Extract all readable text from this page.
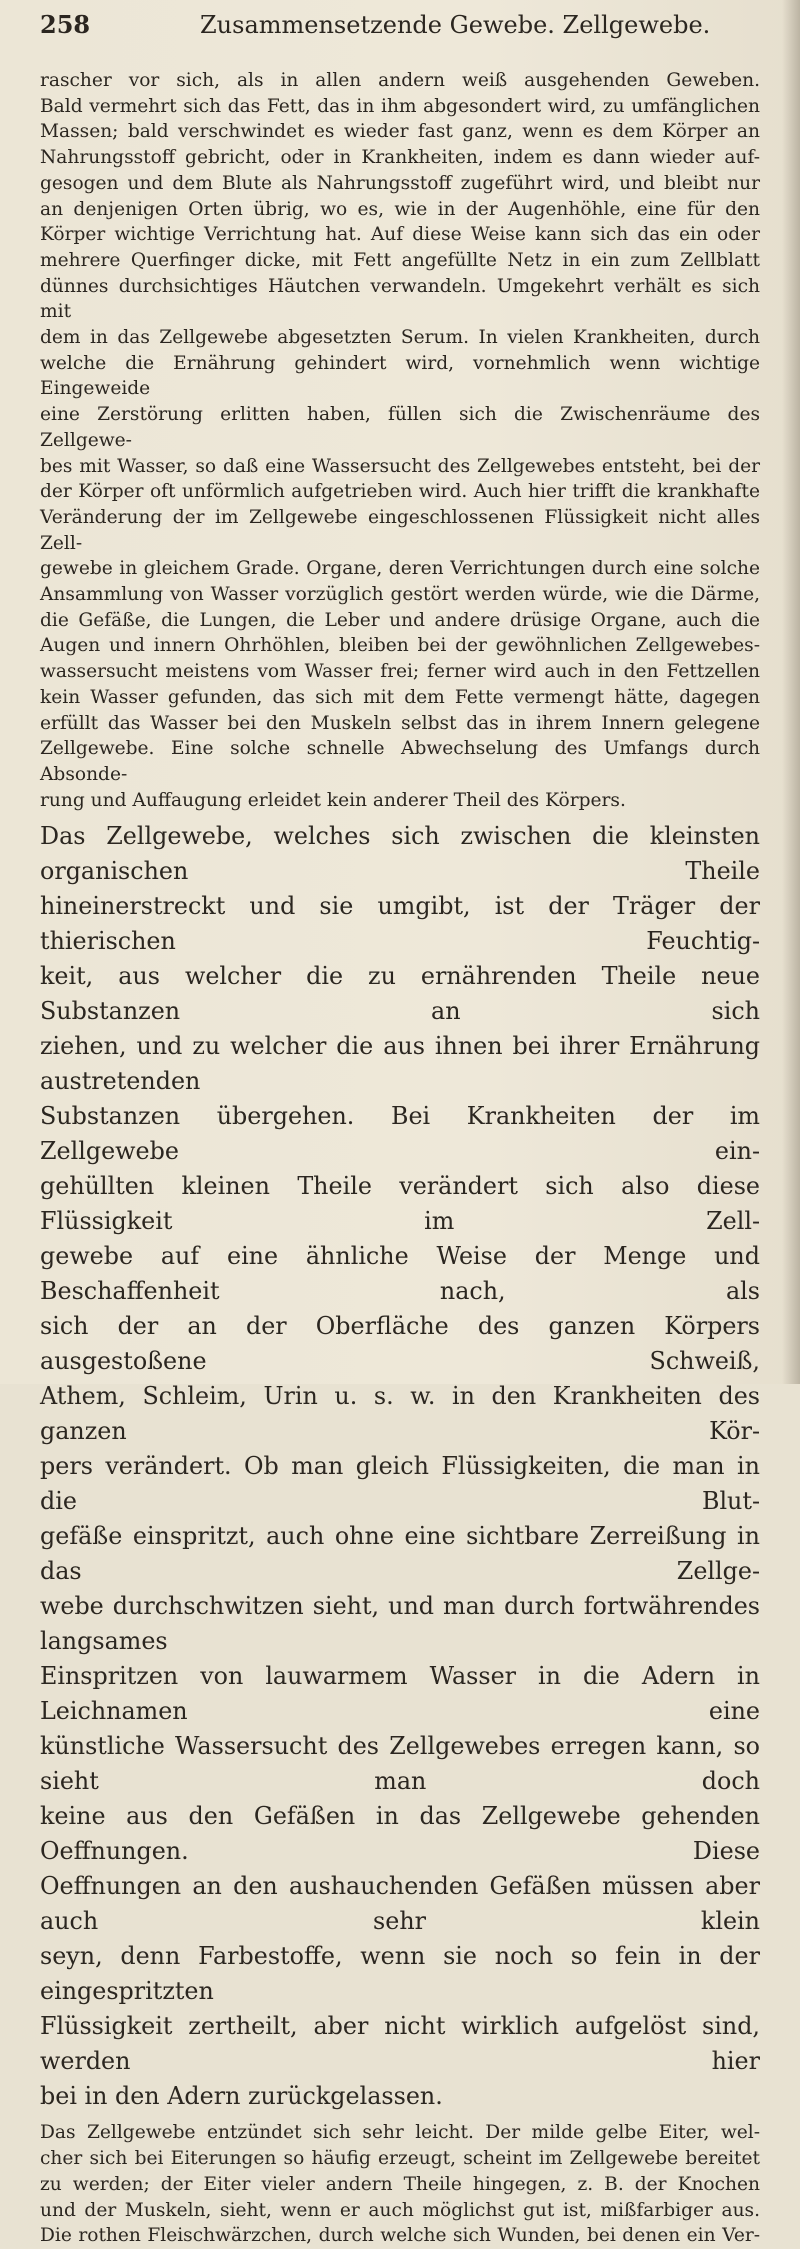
258	Zusammensetzende Gewebe. Zellgewebe.

rascher vor sich, als in allen andern weiß ausgehenden Geweben.

Bald vermehrt sich das Fett, das in ihm abgesondert wird, zu umfänglichen

Massen; bald verschwindet es wieder fast ganz, wenn es dem Körper an

Nahrungsstoff gebricht, oder in Krankheiten, indem es dann wieder auf-

gesogen und dem Blute als Nahrungsstoff zugeführt wird, und bleibt nur

an denjenigen Orten übrig, wo es, wie in der Augenhöhle, eine für den

Körper wichtige Verrichtung hat. Auf diese Weise kann sich das ein oder

mehrere Querfinger dicke, mit Fett angefüllte Netz in ein zum Zellblatt

dünnes durchsichtiges Häutchen verwandeln. Umgekehrt verhält es sich mit

dem in das Zellgewebe abgesetzten Serum. In vielen Krankheiten, durch

welche die Ernährung gehindert wird, vornehmlich wenn wichtige Eingeweide

eine Zerstörung erlitten haben, füllen sich die Zwischenräume des Zellgewe-

bes mit Wasser, so daß eine Wassersucht des Zellgewebes entsteht, bei der

der Körper oft unförmlich aufgetrieben wird. Auch hier trifft die krankhafte

Veränderung der im Zellgewebe eingeschlossenen Flüssigkeit nicht alles Zell-

gewebe in gleichem Grade. Organe, deren Verrichtungen durch eine solche

Ansammlung von Wasser vorzüglich gestört werden würde, wie die Därme,

die Gefäße, die Lungen, die Leber und andere drüsige Organe, auch die

Augen und innern Ohrhöhlen, bleiben bei der gewöhnlichen Zellgewebes-

wassersucht meistens vom Wasser frei; ferner wird auch in den Fettzellen

kein Wasser gefunden, das sich mit dem Fette vermengt hätte, dagegen

erfüllt das Wasser bei den Muskeln selbst das in ihrem Innern gelegene

Zellgewebe. Eine solche schnelle Abwechselung des Umfangs durch Absonde-

rung und Auffaugung erleidet kein anderer Theil des Körpers.

Das Zellgewebe, welches sich zwischen die kleinsten organischen Theile

hineinerstreckt und sie umgibt, ist der Träger der thierischen Feuchtig-

keit, aus welcher die zu ernährenden Theile neue Substanzen an sich

ziehen, und zu welcher die aus ihnen bei ihrer Ernährung austretenden

Substanzen übergehen. Bei Krankheiten der im Zellgewebe ein-

gehüllten kleinen Theile verändert sich also diese Flüssigkeit im Zell-

gewebe auf eine ähnliche Weise der Menge und Beschaffenheit nach, als

sich der an der Oberfläche des ganzen Körpers ausgestoßene Schweiß,

Athem, Schleim, Urin u. s. w. in den Krankheiten des ganzen Kör-

pers verändert. Ob man gleich Flüssigkeiten, die man in die Blut-

gefäße einspritzt, auch ohne eine sichtbare Zerreißung in das Zellge-

webe durchschwitzen sieht, und man durch fortwährendes langsames

Einspritzen von lauwarmem Wasser in die Adern in Leichnamen eine

künstliche Wassersucht des Zellgewebes erregen kann, so sieht man doch

keine aus den Gefäßen in das Zellgewebe gehenden Oeffnungen. Diese

Oeffnungen an den aushauchenden Gefäßen müssen aber auch sehr klein

seyn, denn Farbestoffe, wenn sie noch so fein in der eingespritzten

Flüssigkeit zertheilt, aber nicht wirklich aufgelöst sind, werden hier

bei in den Adern zurückgelassen.

Das Zellgewebe entzündet sich sehr leicht. Der milde gelbe Eiter, wel-

cher sich bei Eiterungen so häufig erzeugt, scheint im Zellgewebe bereitet

zu werden; der Eiter vieler andern Theile hingegen, z. B. der Knochen

und der Muskeln, sieht, wenn er auch möglichst gut ist, mißfarbiger aus.

Die rothen Fleischwärzchen, durch welche sich Wunden, bei denen ein Ver-
